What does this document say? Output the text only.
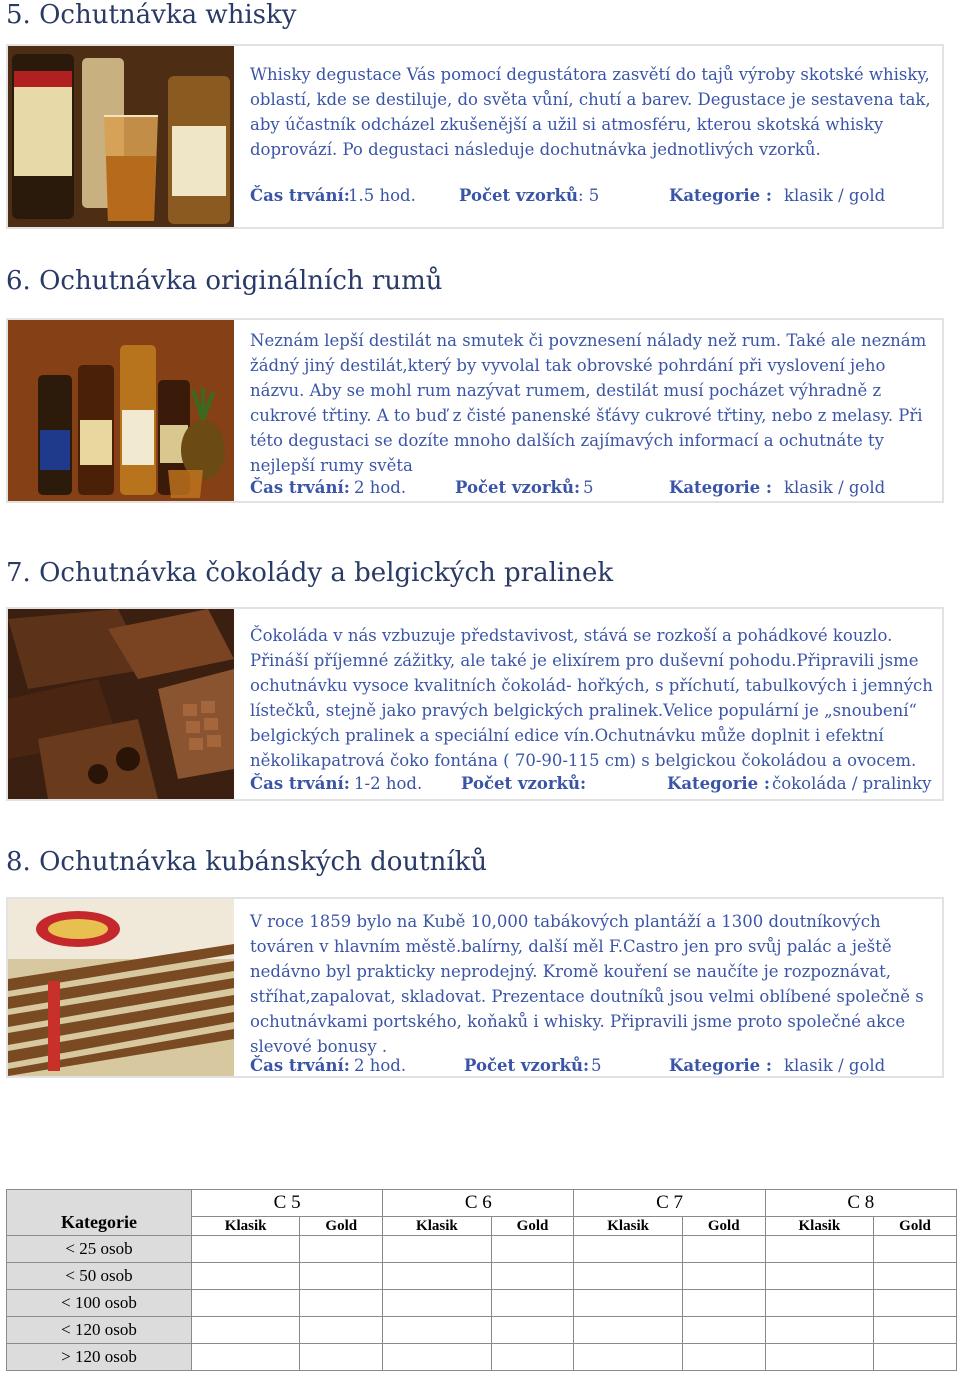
5. Ochutnávka whisky

Whisky degustace Vás pomocí degustátora zasvětí do tajů výroby skotské whisky, oblastí, kde se destiluje, do světa vůní, chutí a barev. Degustace je sestavena tak, aby účastník odcházel zkušenější a užil si atmosféru, kterou skotská whisky doprovází. Po degustaci následuje dochutnávka jednotlivých vzorků.

Čas trvání:
1.5 hod.	Počet vzorků: 5	Kategorie : klasik / gold
6. Ochutnávka originálních rumů

Neznám lepší destilát na smutek či povznesení nálady než rum. Také ale neznám žádný jiný destilát,který by vyvolal tak obrovské pohrdání při vyslovení jeho názvu. Aby se mohl rum nazývat rumem, destilát musí pocházet výhradně z cukrové třtiny. A to buď z čisté panenské šťávy cukrové třtiny, nebo z melasy. Při této degustaci se dozíte mnoho dalších zajímavých informací a ochutnáte ty nejlepší rumy světa

Čas trvání: 2 hod.	Počet vzorků: 5	Kategorie : klasik / gold
7. Ochutnávka čokolády a belgických pralinek

Čokoláda v nás vzbuzuje představivost, stává se rozkoší a pohádkové kouzlo. Přináší příjemné zážitky, ale také je elixírem pro duševní pohodu.Připravili jsme ochutnávku vysoce kvalitních čokolád- hořkých, s příchutí, tabulkových i jemných lístečků, stejně jako pravých belgických pralinek.Velice populární je „snoubení“ belgických pralinek a speciální edice vín.Ochutnávku může doplnit i efektní několikapatrová čoko fontána ( 70-90-115 cm) s belgickou čokoládou a ovocem.

Čas trvání: 1-2 hod. Počet vzorků:	Kategorie : čokoláda / pralinky
8. Ochutnávka kubánských doutníků

V roce 1859 bylo na Kubě 10,000 tabákových plantáží a 1300 doutníkových továren v hlavním městě.balírny, další měl F.Castro jen pro svůj palác a ještě nedávno byl prakticky neprodejný. Kromě kouření se naučíte je rozpoznávat, stříhat,zapalovat, skladovat. Prezentace doutníků jsou velmi oblíbené společně s ochutnávkami portského, koňaků i whisky. Připravili jsme proto společné akce slevové bonusy .

Čas trvání: 2 hod.	Počet vzorků: 5	Kategorie : klasik / gold
Kategorie	C 5		C 6		C 7		C 8	
	Klasik	Gold	Klasik	Gold	Klasik	Gold	Klasik	Gold
< 25 osob								
< 50 osob								
< 100 osob								
< 120 osob								
> 120 osob								
